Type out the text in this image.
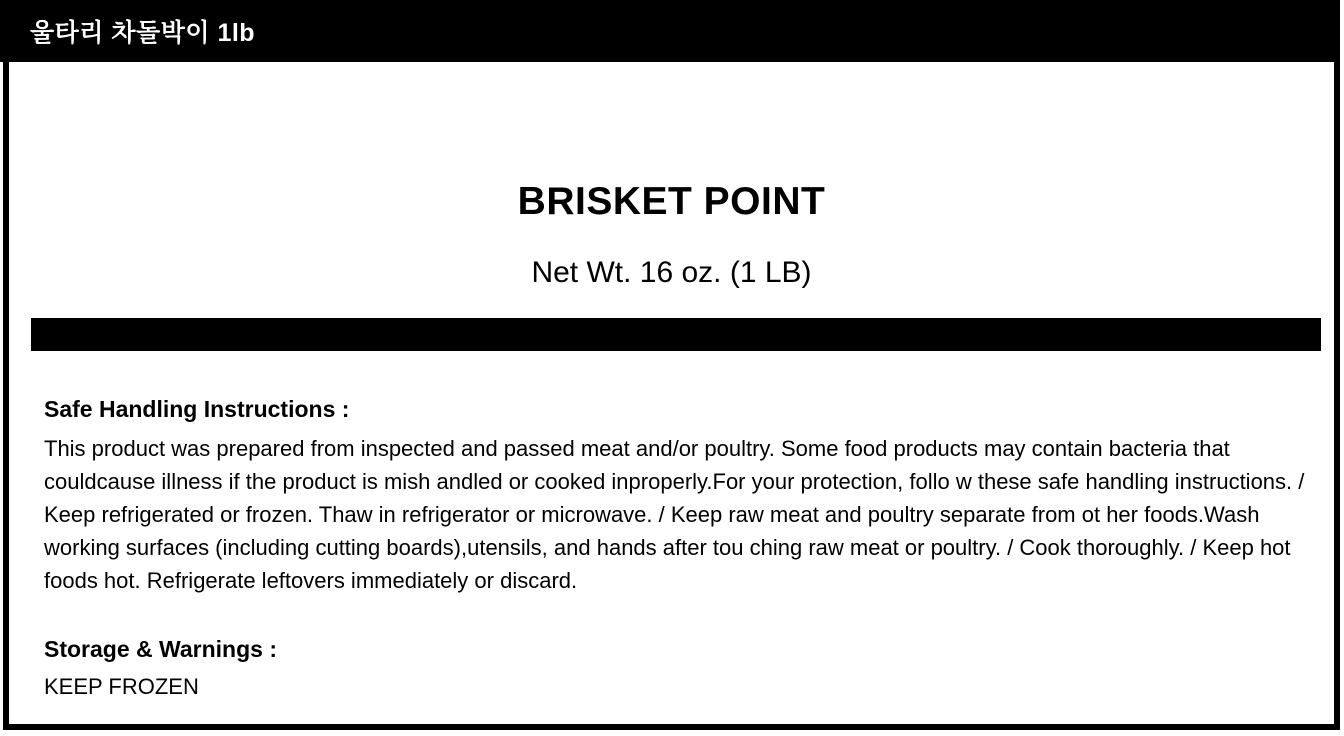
BRISKET POINT
Net Wt. 16 oz. (1 LB)
Safe Handling Instructions :
This product was prepared from inspected and passed meat and/or poultry. Some food products may contain bacteria that couldcause illness if the product is mish andled or cooked inproperly.For your protection, follo w these safe handling instructions. / Keep refrigerated or frozen. Thaw in refrigerator or microwave. / Keep raw meat and poultry separate from ot her foods.Wash working surfaces (including cutting boards),utensils, and hands after tou ching raw meat or poultry. / Cook thoroughly. / Keep hot foods hot. Refrigerate leftovers immediately or discard.
Storage & Warnings :
KEEP FROZEN
울타리 차돌박이 1lb
